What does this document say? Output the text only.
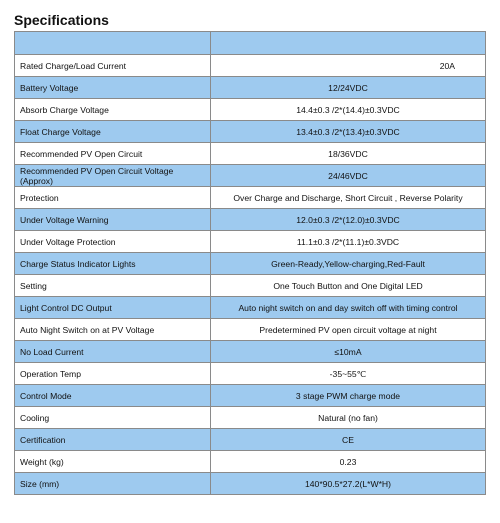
Specifications

Rated Charge/Load Current	20A
Battery Voltage	12/24VDC
Absorb Charge Voltage	14.4±0.3 /2*(14.4)±0.3VDC
Float Charge Voltage	13.4±0.3 /2*(13.4)±0.3VDC
Recommended PV Open Circuit	18/36VDC
Recommended PV Open Circuit Voltage (Approx)	24/46VDC
Protection	Over Charge and Discharge, Short Circuit , Reverse Polarity
Under Voltage Warning	12.0±0.3 /2*(12.0)±0.3VDC
Under Voltage Protection	11.1±0.3 /2*(11.1)±0.3VDC
Charge Status Indicator Lights	Green-Ready,Yellow-charging,Red-Fault
Setting	One Touch Button and One Digital LED
Light Control DC Output	Auto night switch on and day switch off with timing control
Auto Night Switch on at PV Voltage	Predetermined PV open circuit voltage at night
No Load Current	≤10mA
Operation Temp	-35~55℃
Control Mode	3 stage PWM charge mode
Cooling	Natural (no fan)
Certification	CE
Weight (kg)	0.23
Size (mm)	140*90.5*27.2(L*W*H)
